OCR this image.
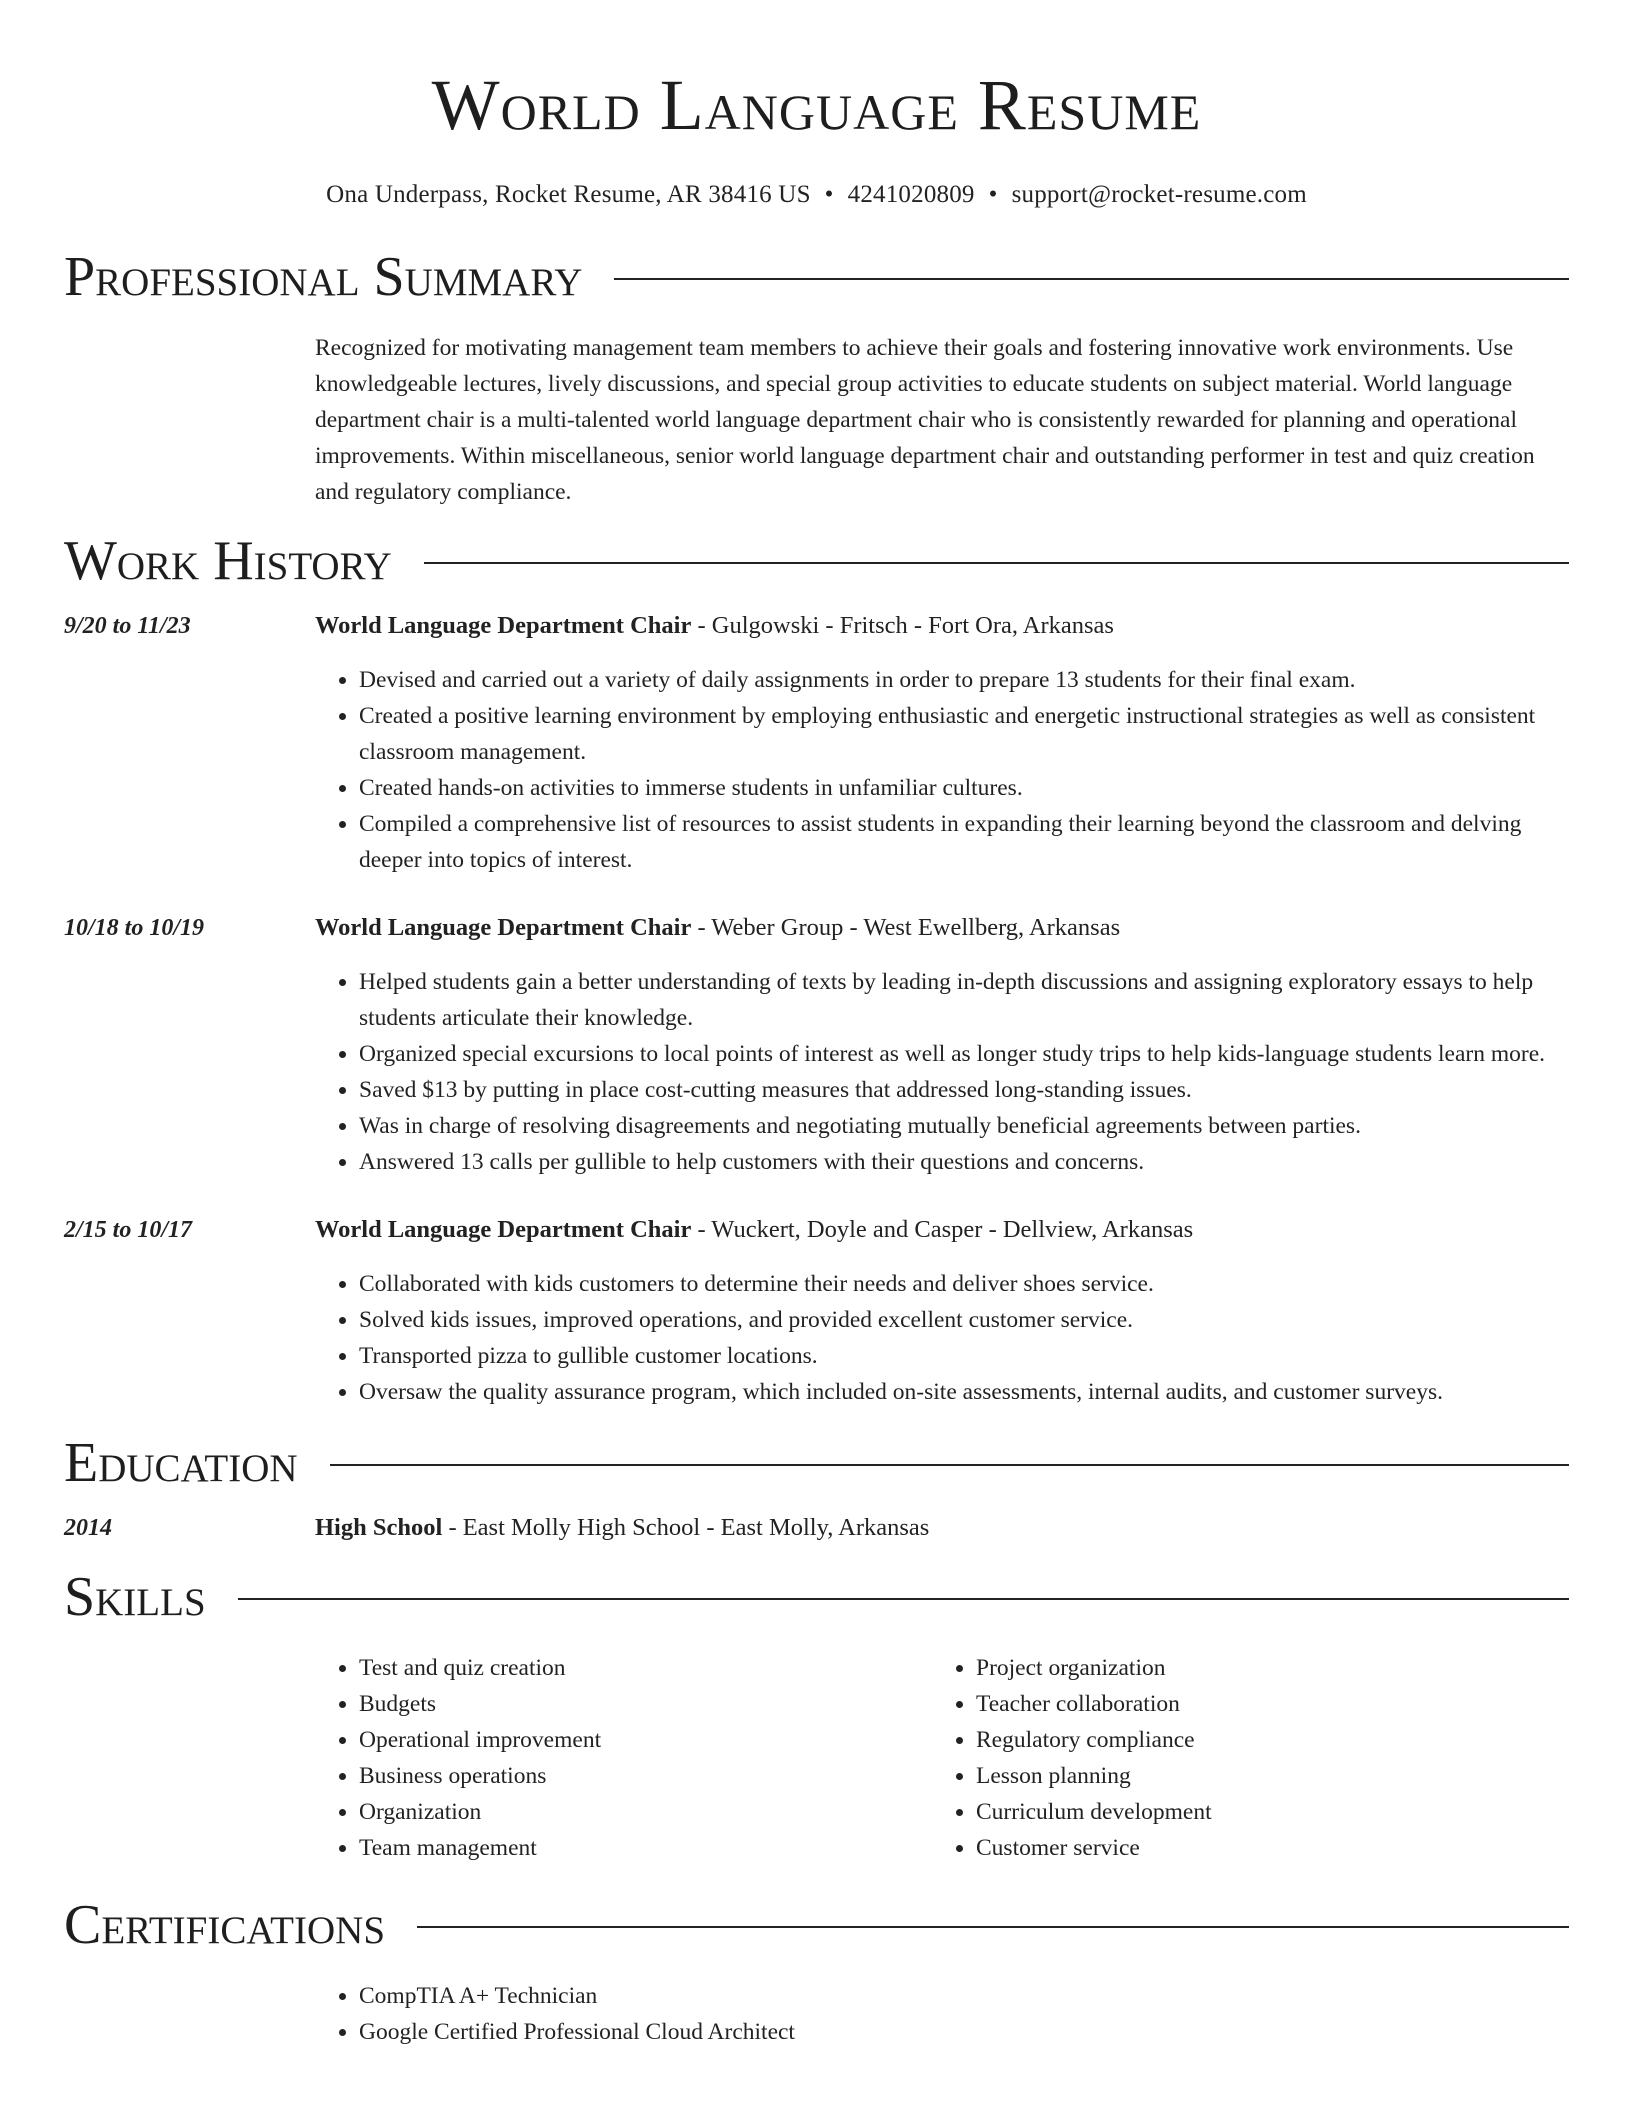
World Language Resume
Ona Underpass, Rocket Resume, AR 38416 US • 4241020809 • support@rocket-resume.com
Professional Summary
Recognized for motivating management team members to achieve their goals and fostering innovative work environments. Use knowledgeable lectures, lively discussions, and special group activities to educate students on subject material. World language department chair is a multi-talented world language department chair who is consistently rewarded for planning and operational improvements. Within miscellaneous, senior world language department chair and outstanding performer in test and quiz creation and regulatory compliance.
Work History
9/20 to 11/23	World Language Department Chair - Gulgowski - Fritsch - Fort Ora, Arkansas
• Devised and carried out a variety of daily assignments in order to prepare 13 students for their final exam.
• Created a positive learning environment by employing enthusiastic and energetic instructional strategies as well as consistent classroom management.
• Created hands-on activities to immerse students in unfamiliar cultures.
• Compiled a comprehensive list of resources to assist students in expanding their learning beyond the classroom and delving deeper into topics of interest.
10/18 to 10/19	World Language Department Chair - Weber Group - West Ewellberg, Arkansas
• Helped students gain a better understanding of texts by leading in-depth discussions and assigning exploratory essays to help students articulate their knowledge.
• Organized special excursions to local points of interest as well as longer study trips to help kids-language students learn more.
• Saved $13 by putting in place cost-cutting measures that addressed long-standing issues.
• Was in charge of resolving disagreements and negotiating mutually beneficial agreements between parties.
• Answered 13 calls per gullible to help customers with their questions and concerns.
2/15 to 10/17	World Language Department Chair - Wuckert, Doyle and Casper - Dellview, Arkansas
• Collaborated with kids customers to determine their needs and deliver shoes service.
• Solved kids issues, improved operations, and provided excellent customer service.
• Transported pizza to gullible customer locations.
• Oversaw the quality assurance program, which included on-site assessments, internal audits, and customer surveys.
Education
2014	High School - East Molly High School - East Molly, Arkansas
Skills
• Test and quiz creation
• Budgets
• Operational improvement
• Business operations
• Organization
• Team management
• Project organization
• Teacher collaboration
• Regulatory compliance
• Lesson planning
• Curriculum development
• Customer service
Certifications
• CompTIA A+ Technician
• Google Certified Professional Cloud Architect
